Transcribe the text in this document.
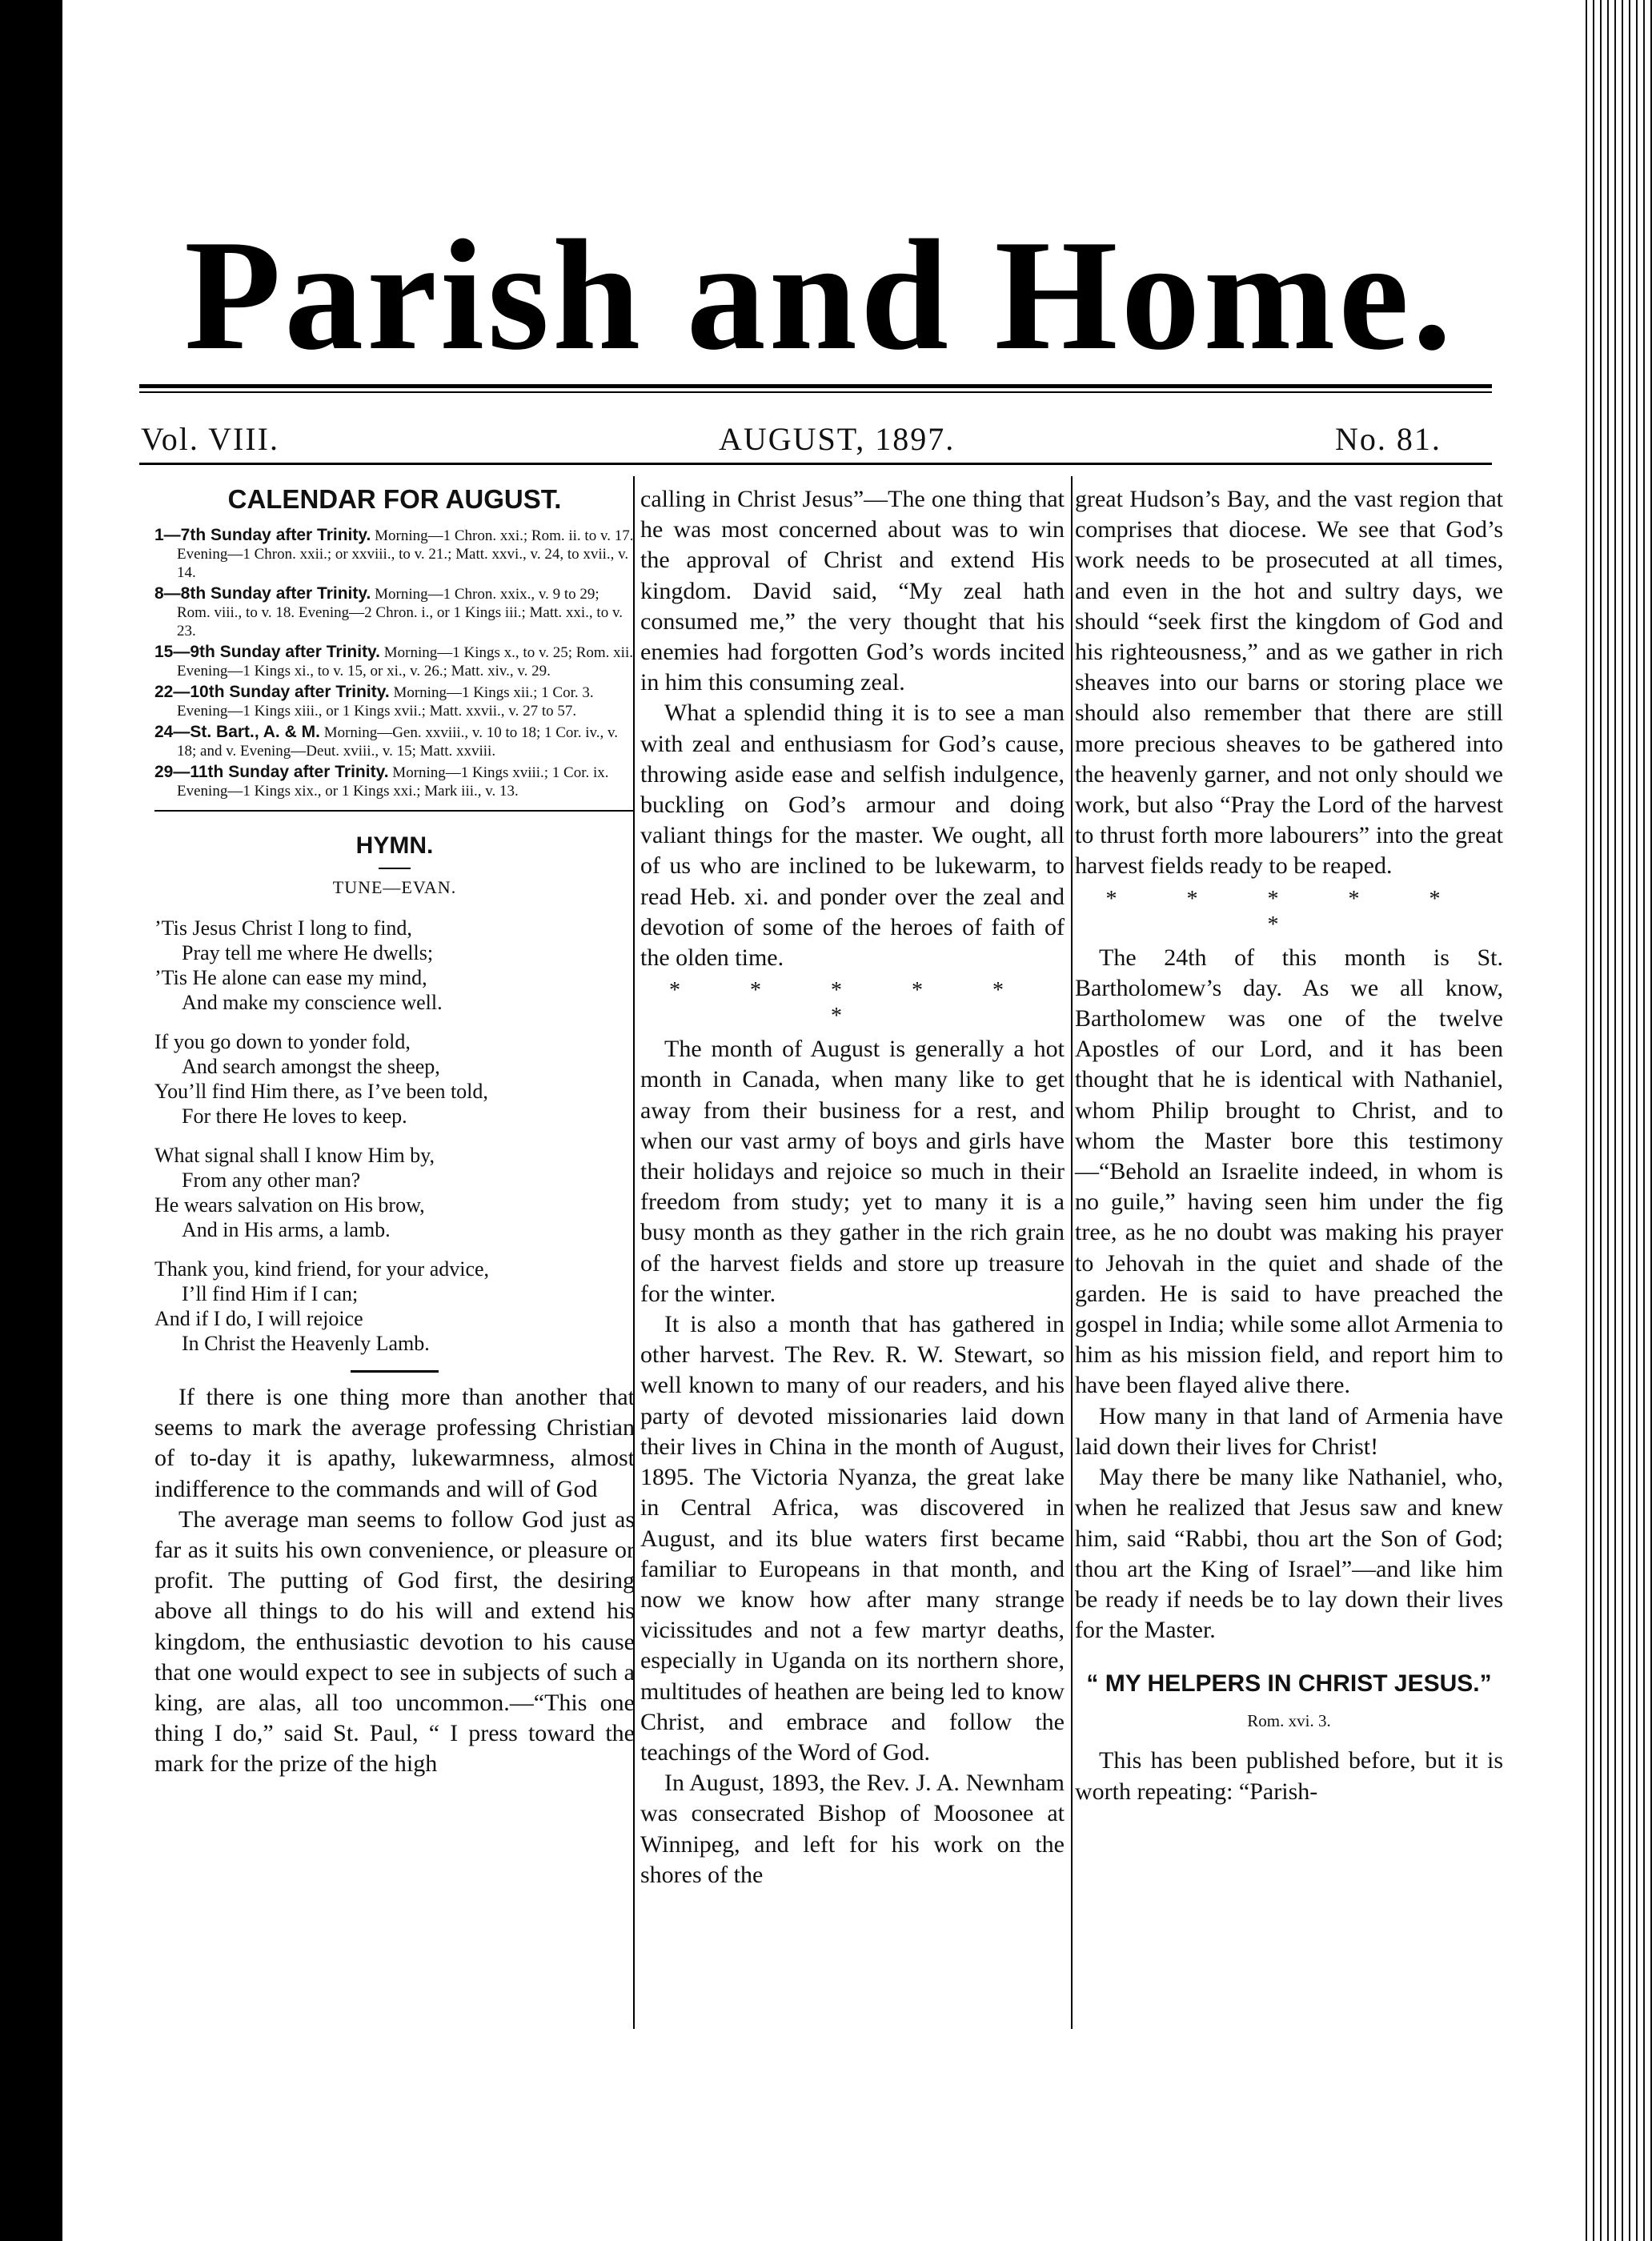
Parish and Home.
Vol. VIII.	AUGUST, 1897.	No. 81.

CALENDAR FOR AUGUST.

1—7th Sunday after Trinity. Morning—1 Chron. xxi.; Rom. ii. to v. 17. Evening—1 Chron. xxii.; or xxviii., to v. 21.; Matt. xxvi., v. 24, to xvii., v. 14.

8—8th Sunday after Trinity. Morning—1 Chron. xxix., v. 9 to 29; Rom. viii., to v. 18. Evening—2 Chron. i., or 1 Kings iii.; Matt. xxi., to v. 23.

15—9th Sunday after Trinity. Morning—1 Kings x., to v. 25; Rom. xii. Evening—1 Kings xi., to v. 15, or xi., v. 26.; Matt. xiv., v. 29.

22—10th Sunday after Trinity. Morning—1 Kings xii.; 1 Cor. 3. Evening—1 Kings xiii., or 1 Kings xvii.; Matt. xxvii., v. 27 to 57.

24—St. Bart., A. & M. Morning—Gen. xxviii., v. 10 to 18; 1 Cor. iv., v. 18; and v. Evening—Deut. xviii., v. 15; Matt. xxviii.

29—11th Sunday after Trinity. Morning—1 Kings xviii.; 1 Cor. ix. Evening—1 Kings xix., or 1 Kings xxi.; Mark iii., v. 13.

HYMN.

TUNE—EVAN.

’Tis Jesus Christ I long to find,
Pray tell me where He dwells;
’Tis He alone can ease my mind,
And make my conscience well.
If you go down to yonder fold,
And search amongst the sheep,
You’ll find Him there, as I’ve been told,
For there He loves to keep.
What signal shall I know Him by,
From any other man?
He wears salvation on His brow,
And in His arms, a lamb.
Thank you, kind friend, for your advice,
I’ll find Him if I can;
And if I do, I will rejoice
In Christ the Heavenly Lamb.

If there is one thing more than another that seems to mark the average professing Christian of to-day it is apathy, lukewarmness, almost indifference to the commands and will of God

The average man seems to follow God just as far as it suits his own convenience, or pleasure or profit. The putting of God first, the desiring above all things to do his will and extend his kingdom, the enthusiastic devotion to his cause that one would expect to see in subjects of such a king, are alas, all too uncommon.—“This one thing I do,” said St. Paul, “ I press toward the mark for the prize of the high

calling in Christ Jesus”—The one thing that he was most concerned about was to win the approval of Christ and extend His kingdom. David said, “My zeal hath consumed me,” the very thought that his enemies had forgotten God’s words incited in him this consuming zeal.

What a splendid thing it is to see a man with zeal and enthusiasm for God’s cause, throwing aside ease and selfish indulgence, buckling on God’s armour and doing valiant things for the master. We ought, all of us who are inclined to be lukewarm, to read Heb. xi. and ponder over the zeal and devotion of some of the heroes of faith of the olden time.

* * * * * *

The month of August is generally a hot month in Canada, when many like to get away from their business for a rest, and when our vast army of boys and girls have their holidays and rejoice so much in their freedom from study; yet to many it is a busy month as they gather in the rich grain of the harvest fields and store up treasure for the winter.

It is also a month that has gathered in other harvest. The Rev. R. W. Stewart, so well known to many of our readers, and his party of devoted missionaries laid down their lives in China in the month of August, 1895. The Victoria Nyanza, the great lake in Central Africa, was discovered in August, and its blue waters first became familiar to Europeans in that month, and now we know how after many strange vicissitudes and not a few martyr deaths, especially in Uganda on its northern shore, multitudes of heathen are being led to know Christ, and embrace and follow the teachings of the Word of God.

In August, 1893, the Rev. J. A. Newnham was consecrated Bishop of Moosonee at Winnipeg, and left for his work on the shores of the

great Hudson’s Bay, and the vast region that comprises that diocese. We see that God’s work needs to be prosecuted at all times, and even in the hot and sultry days, we should “seek first the kingdom of God and his righteousness,” and as we gather in rich sheaves into our barns or storing place we should also remember that there are still more precious sheaves to be gathered into the heavenly garner, and not only should we work, but also “Pray the Lord of the harvest to thrust forth more labourers” into the great harvest fields ready to be reaped.

* * * * * *

The 24th of this month is St. Bartholomew’s day. As we all know, Bartholomew was one of the twelve Apostles of our Lord, and it has been thought that he is identical with Nathaniel, whom Philip brought to Christ, and to whom the Master bore this testimony—“Behold an Israelite indeed, in whom is no guile,” having seen him under the fig tree, as he no doubt was making his prayer to Jehovah in the quiet and shade of the garden. He is said to have preached the gospel in India; while some allot Armenia to him as his mission field, and report him to have been flayed alive there.

How many in that land of Armenia have laid down their lives for Christ!

May there be many like Nathaniel, who, when he realized that Jesus saw and knew him, said “Rabbi, thou art the Son of God; thou art the King of Israel”—and like him be ready if needs be to lay down their lives for the Master.

“ MY HELPERS IN CHRIST JESUS.”

Rom. xvi. 3.

This has been published before, but it is worth repeating: “Parish-
